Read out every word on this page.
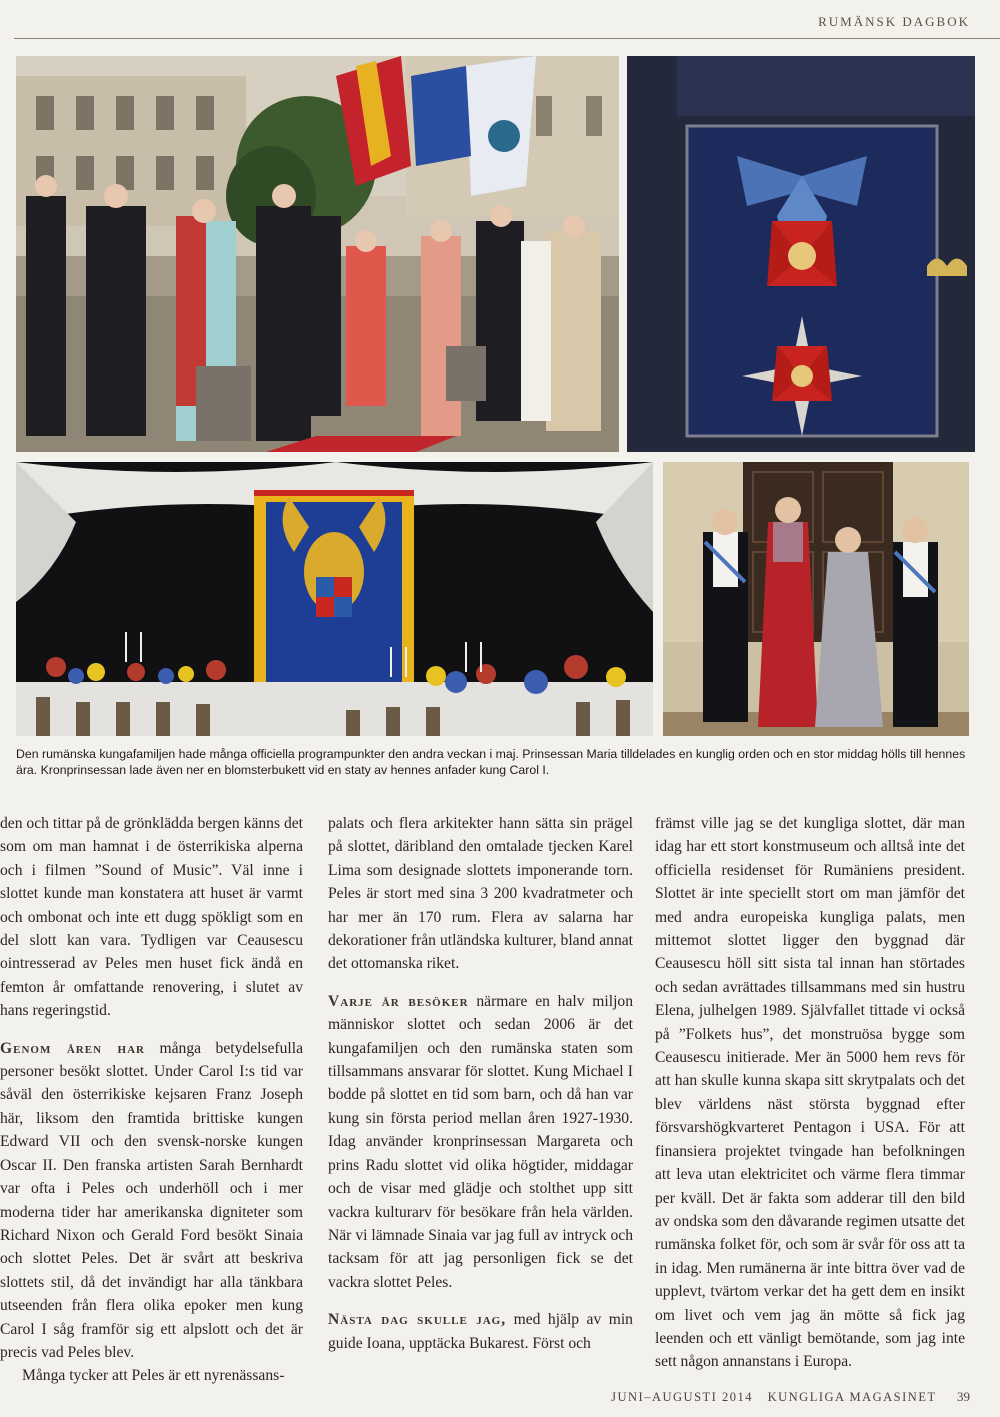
RUMÄNSK DAGBOK
Den rumänska kungafamiljen hade många officiella programpunkter den andra veckan i maj. Prinsessan Maria tilldelades en kunglig orden och en stor middag hölls till hennes ära. Kronprinsessan lade även ner en blomsterbukett vid en staty av hennes anfader kung Carol I.

den och tittar på de grönklädda bergen känns det som om man hamnat i de österrikiska alperna och i filmen ”Sound of Music”. Väl inne i slottet kunde man konstatera att huset är varmt och ombonat och inte ett dugg spökligt som en del slott kan vara. Tydligen var Ceausescu ointresserad av Peles men huset fick ändå en femton år omfattande renovering, i slutet av hans regeringstid.

Genom åren har många betydelsefulla personer besökt slottet. Under Carol I:s tid var såväl den österrikiske kejsaren Franz Joseph här, liksom den framtida brittiske kungen Edward VII och den svensk-norske kungen Oscar II. Den franska artisten Sarah Bernhardt var ofta i Peles och underhöll och i mer moderna tider har amerikanska digniteter som Richard Nixon och Gerald Ford besökt Sinaia och slottet Peles. Det är svårt att beskriva slottets stil, då det invändigt har alla tänkbara utseenden från flera olika epoker men kung Carol I såg framför sig ett alpslott och det är precis vad Peles blev.

Många tycker att Peles är ett nyrenässans-

palats och flera arkitekter hann sätta sin prägel på slottet, däribland den omtalade tjecken Karel Lima som designade slottets imponerande torn. Peles är stort med sina 3 200 kvadratmeter och har mer än 170 rum. Flera av salarna har dekorationer från utländska kulturer, bland annat det ottomanska riket.

Varje år besöker närmare en halv miljon människor slottet och sedan 2006 är det kungafamiljen och den rumänska staten som tillsammans ansvarar för slottet. Kung Michael I bodde på slottet en tid som barn, och då han var kung sin första period mellan åren 1927-1930. Idag använder kronprinsessan Margareta och prins Radu slottet vid olika högtider, middagar och de visar med glädje och stolthet upp sitt vackra kulturarv för besökare från hela världen. När vi lämnade Sinaia var jag full av intryck och tacksam för att jag personligen fick se det vackra slottet Peles.

Nästa dag skulle jag, med hjälp av min guide Ioana, upptäcka Bukarest. Först och

främst ville jag se det kungliga slottet, där man idag har ett stort konstmuseum och alltså inte det officiella residenset för Rumäniens president. Slottet är inte speciellt stort om man jämför det med andra europeiska kungliga palats, men mittemot slottet ligger den byggnad där Ceausescu höll sitt sista tal innan han störtades och sedan avrättades tillsammans med sin hustru Elena, julhelgen 1989. Självfallet tittade vi också på ”Folkets hus”, det monstruösa bygge som Ceausescu initierade. Mer än 5000 hem revs för att han skulle kunna skapa sitt skrytpalats och det blev världens näst största byggnad efter försvarshögkvarteret Pentagon i USA. För att finansiera projektet tvingade han befolkningen att leva utan elektricitet och värme flera timmar per kväll. Det är fakta som adderar till den bild av ondska som den dåvarande regimen utsatte det rumänska folket för, och som är svår för oss att ta in idag. Men rumänerna är inte bittra över vad de upplevt, tvärtom verkar det ha gett dem en insikt om livet och vem jag än mötte så fick jag leenden och ett vänligt bemötande, som jag inte sett någon annanstans i Europa.

JUNI–AUGUSTI 2014 KUNGLIGA MAGASINET 39
